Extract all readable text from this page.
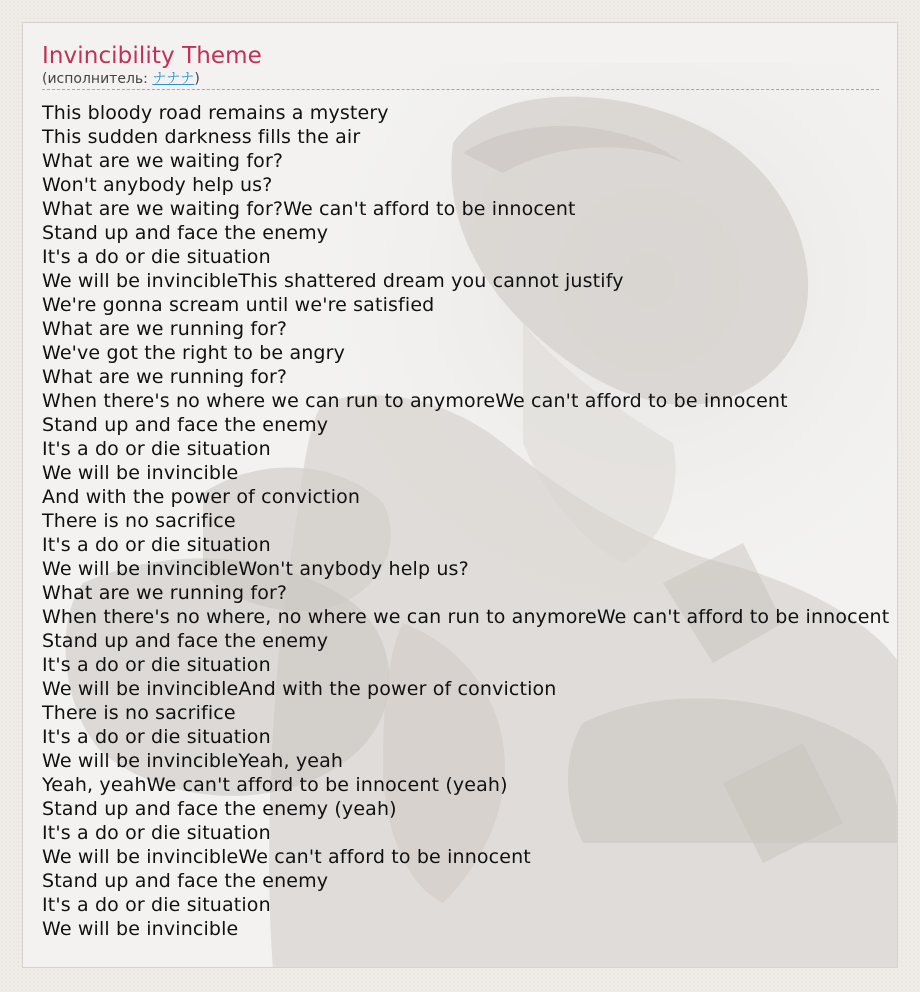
Invincibility Theme
(исполнитель: ナナナ)
This bloody road remains a mystery
This sudden darkness fills the air
What are we waiting for?
Won't anybody help us?
What are we waiting for?We can't afford to be innocent
Stand up and face the enemy
It's a do or die situation
We will be invincibleThis shattered dream you cannot justify
We're gonna scream until we're satisfied
What are we running for?
We've got the right to be angry
What are we running for?
When there's no where we can run to anymoreWe can't afford to be innocent
Stand up and face the enemy
It's a do or die situation
We will be invincible
And with the power of conviction
There is no sacrifice
It's a do or die situation
We will be invincibleWon't anybody help us?
What are we running for?
When there's no where, no where we can run to anymoreWe can't afford to be innocent
Stand up and face the enemy
It's a do or die situation
We will be invincibleAnd with the power of conviction
There is no sacrifice
It's a do or die situation
We will be invincibleYeah, yeah
Yeah, yeahWe can't afford to be innocent (yeah)
Stand up and face the enemy (yeah)
It's a do or die situation
We will be invincibleWe can't afford to be innocent
Stand up and face the enemy
It's a do or die situation
We will be invincible
